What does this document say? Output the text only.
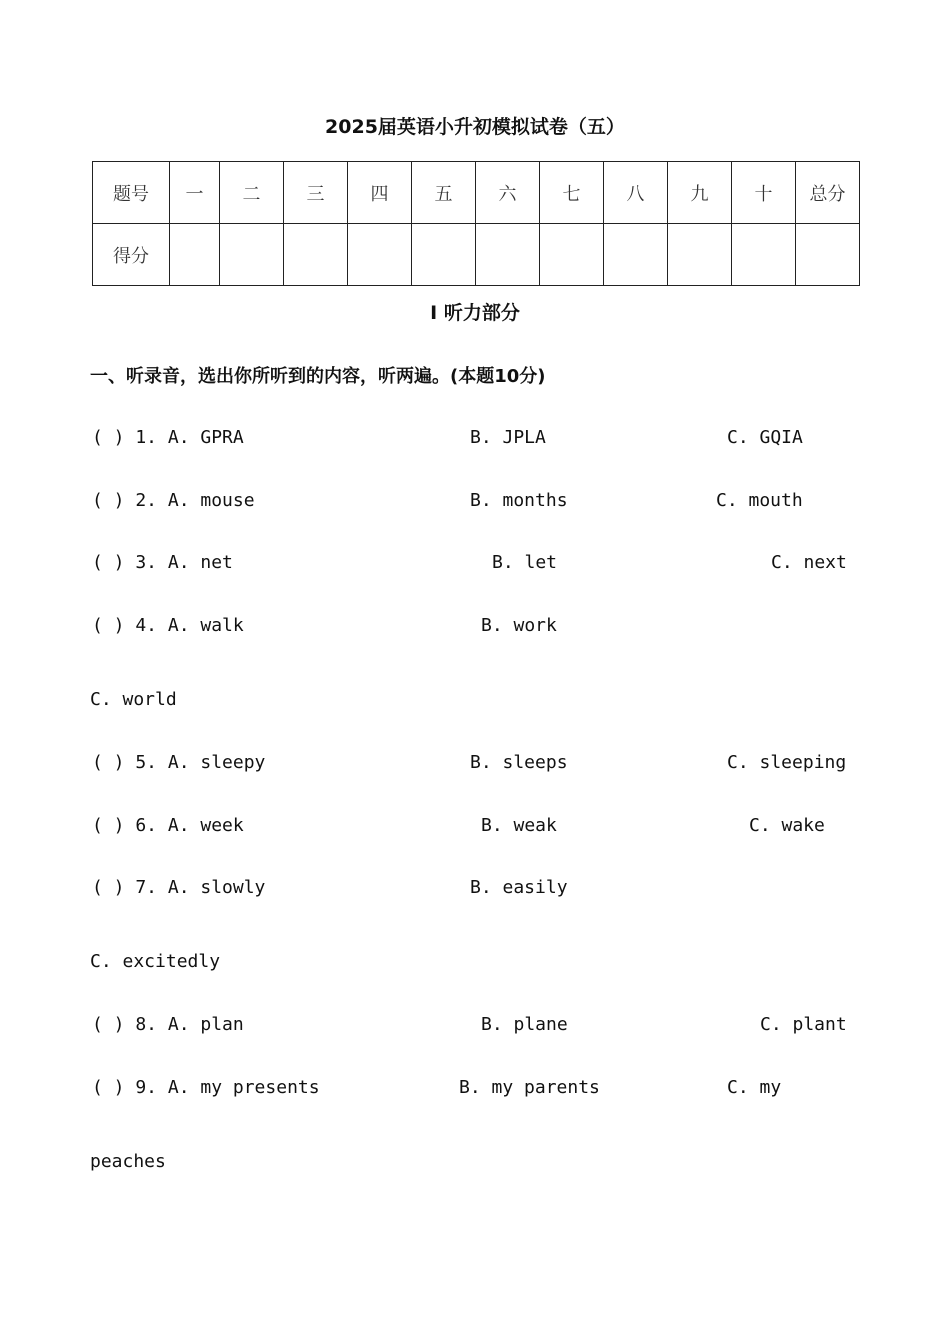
2025届英语小升初模拟试卷（五）
题号	一	二	三	四	五	六	七	八	九	十	总分
得分											
I 听力部分
一、听录音，选出你所听到的内容，听两遍。(本题10分)
( ) 1. A. GPRA	B. JPLA	C. GQIA
( ) 2. A. mouse	B. months	C. mouth
( ) 3. A. net	B. let	C. next
( ) 4. A. walk	B. work
C. world
( ) 5. A. sleepy	B. sleeps	C. sleeping
( ) 6. A. week	B. weak	C. wake
( ) 7. A. slowly	B. easily
C. excitedly
( ) 8. A. plan	B. plane	C. plant
( ) 9. A. my presents	B. my parents	C. my
peaches
